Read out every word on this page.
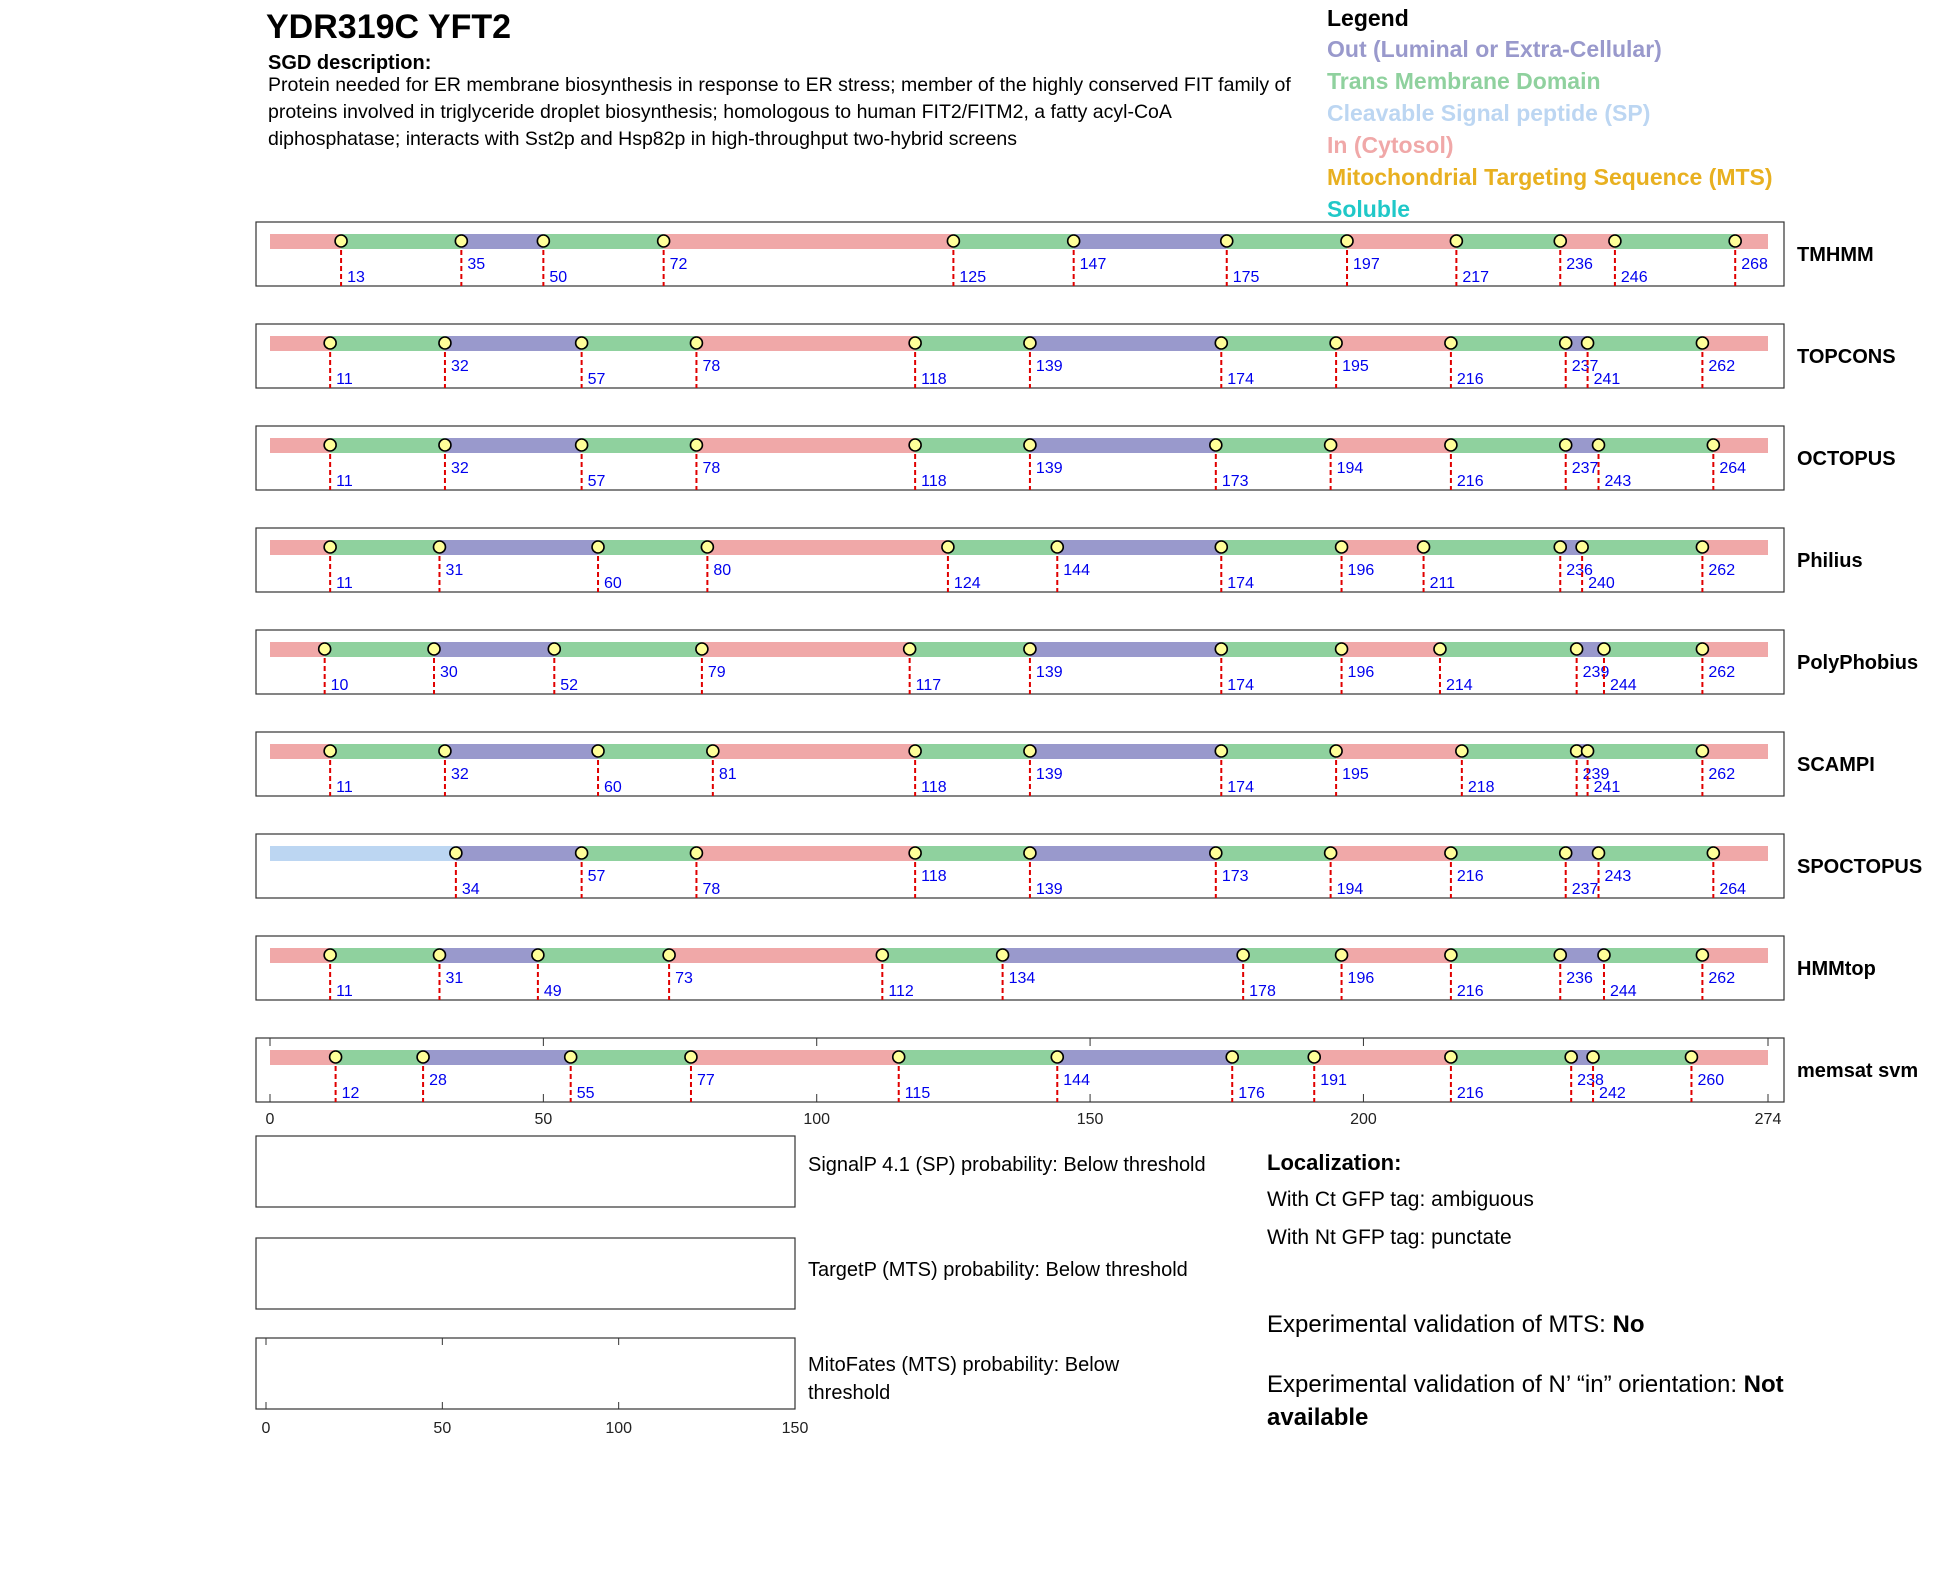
13
35
50
72
125
147
175
197
217
236
246
268 TMHMM
11
32
57
78
118
139
174
195
216
237
241
262	TOPCONS
11
32
57
78
118
139
173
194
216
237
243
264	OCTOPUS
11
31
60
80
124
144
174
196
211
236
240
262	Philius
10
30
52
79
117
139
174
196
214
239
244
262	PolyPhobius
11
32
60
81
118
139
174
195
218
239
241
262	SCAMPI
34
57
78
118
139
173
194
216
237
243
264
SPOCTOPUS
11
31
49
73
112
134
178
196
216
236
244
262	HMMtop
12
28
55
77
115
144
176
191
216
238
242
260	memsat svm
0	50	100	150	200	274
0	50	100	150
YDR319C YFT2
SGD description:
Protein needed for ER membrane biosynthesis in response to ER stress; member of the highly conserved FIT family of proteins involved in triglyceride droplet biosynthesis; homologous to human FIT2/FITM2, a fatty acyl-CoA diphosphatase; interacts with Sst2p and Hsp82p in high-throughput two-hybrid screens
Legend
Out (Luminal or Extra-Cellular)
Trans Membrane Domain
Cleavable Signal peptide (SP)
In (Cytosol)
Mitochondrial Targeting Sequence (MTS)
Soluble
SignalP 4.1 (SP) probability: Below threshold
TargetP (MTS) probability: Below threshold
MitoFates (MTS) probability: Below
threshold
Localization:
With Ct GFP tag: ambiguous
With Nt GFP tag: punctate
Experimental validation of MTS: No
Experimental validation of N’ “in” orientation: Not available
